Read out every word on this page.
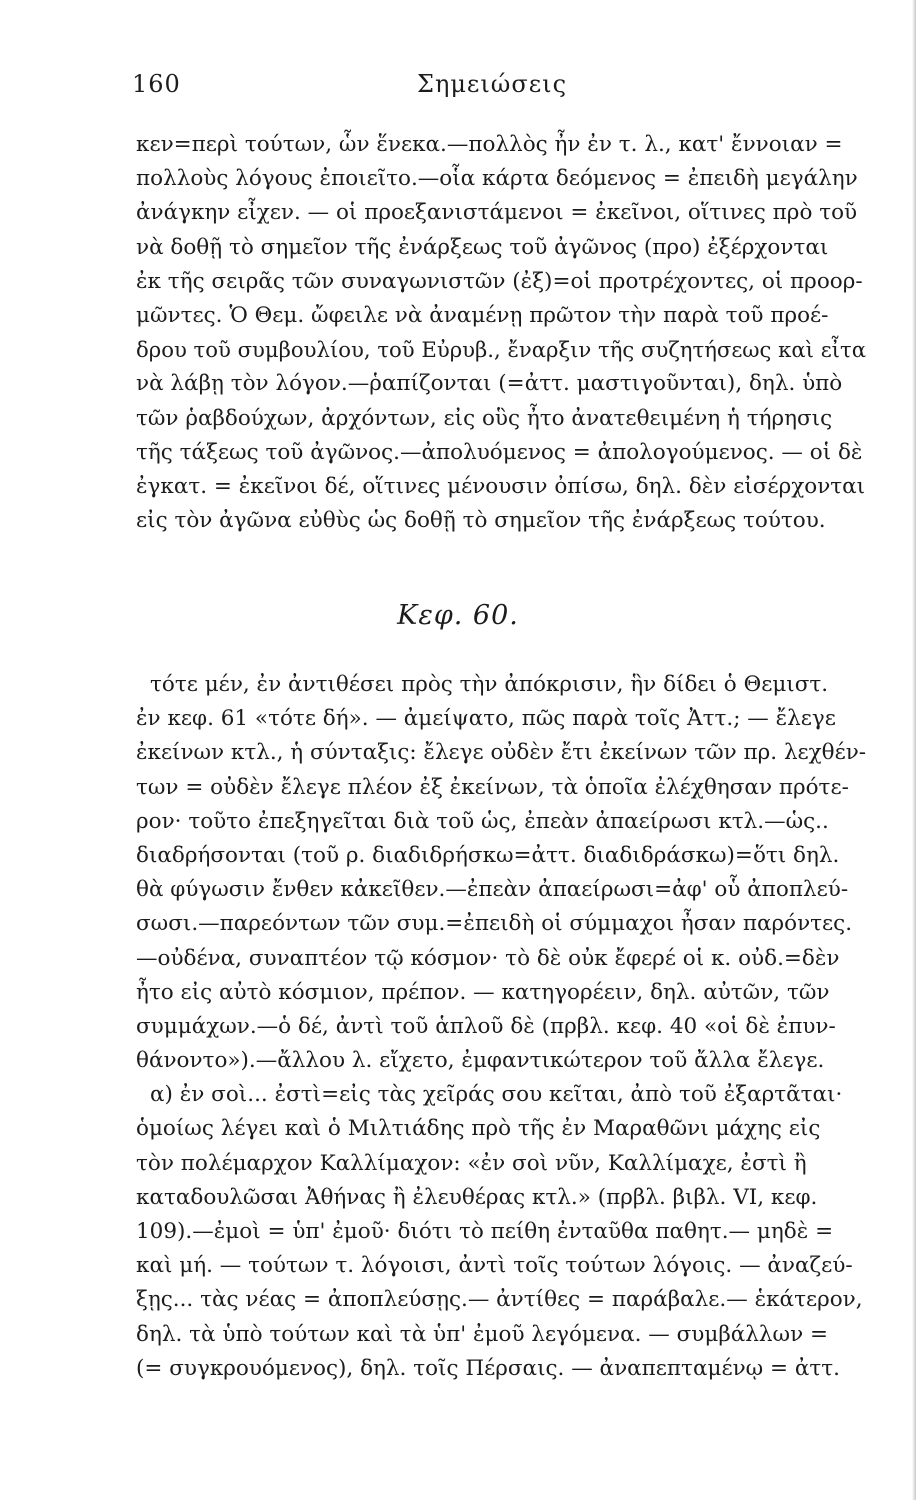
160	Σημειώσεις
κεν=περὶ τούτων, ὧν ἕνεκα.—πολλὸς ἦν ἐν τ. λ., κατ' ἔννοιαν =
πολλοὺς λόγους ἐποιεῖτο.—οἷα κάρτα δεόμενος = ἐπειδὴ μεγάλην
ἀνάγκην εἶχεν. — οἱ προεξανιστάμενοι = ἐκεῖνοι, οἵτινες πρὸ τοῦ
νὰ δοθῇ τὸ σημεῖον τῆς ἐνάρξεως τοῦ ἀγῶνος (προ) ἐξέρχονται
ἐκ τῆς σειρᾶς τῶν συναγωνιστῶν (ἐξ)=οἱ προτρέχοντες, οἱ προορ-
μῶντες. Ὁ Θεμ. ὤφειλε νὰ ἀναμένῃ πρῶτον τὴν παρὰ τοῦ προέ-
δρου τοῦ συμβουλίου, τοῦ Εὐρυβ., ἔναρξιν τῆς συζητήσεως καὶ εἶτα
νὰ λάβῃ τὸν λόγον.—ῥαπίζονται (=ἀττ. μαστιγοῦνται), δηλ. ὑπὸ
τῶν ῥαβδούχων, ἀρχόντων, εἰς οὓς ἦτο ἀνατεθειμένη ἡ τήρησις
τῆς τάξεως τοῦ ἀγῶνος.—ἀπολυόμενος = ἀπολογούμενος. — οἱ δὲ
ἐγκατ. = ἐκεῖνοι δέ, οἵτινες μένουσιν ὀπίσω, δηλ. δὲν εἰσέρχονται
εἰς τὸν ἀγῶνα εὐθὺς ὡς δοθῇ τὸ σημεῖον τῆς ἐνάρξεως τούτου.
Κεφ. 60.
τότε μέν, ἐν ἀντιθέσει πρὸς τὴν ἀπόκρισιν, ἣν δίδει ὁ Θεμιστ.
ἐν κεφ. 61 «τότε δή». — ἀμείψατο, πῶς παρὰ τοῖς Ἀττ.; — ἔλεγε
ἐκείνων κτλ., ἡ σύνταξις: ἔλεγε οὐδὲν ἔτι ἐκείνων τῶν πρ. λεχθέν-
των = οὐδὲν ἔλεγε πλέον ἐξ ἐκείνων, τὰ ὁποῖα ἐλέχθησαν πρότε-
ρον· τοῦτο ἐπεξηγεῖται διὰ τοῦ ὡς, ἐπεὰν ἀπαείρωσι κτλ.—ὡς..
διαδρήσονται (τοῦ ρ. διαδιδρήσκω=ἀττ. διαδιδράσκω)=ὅτι δηλ.
θὰ φύγωσιν ἔνθεν κἀκεῖθεν.—ἐπεὰν ἀπαείρωσι=ἀφ' οὗ ἀποπλεύ-
σωσι.—παρεόντων τῶν συμ.=ἐπειδὴ οἱ σύμμαχοι ἦσαν παρόντες.
—οὐδένα, συναπτέον τῷ κόσμον· τὸ δὲ οὐκ ἔφερέ οἱ κ. οὐδ.=δὲν
ἦτο εἰς αὐτὸ κόσμιον, πρέπον. — κατηγορέειν, δηλ. αὐτῶν, τῶν
συμμάχων.—ὁ δέ, ἀντὶ τοῦ ἁπλοῦ δὲ (πρβλ. κεφ. 40 «οἱ δὲ ἐπυν-
θάνοντο»).—ἄλλου λ. εἴχετο, ἐμφαντικώτερον τοῦ ἄλλα ἔλεγε.
α) ἐν σοὶ... ἐστὶ=εἰς τὰς χεῖράς σου κεῖται, ἀπὸ τοῦ ἐξαρτᾶται·
ὁμοίως λέγει καὶ ὁ Μιλτιάδης πρὸ τῆς ἐν Μαραθῶνι μάχης εἰς
τὸν πολέμαρχον Καλλίμαχον: «ἐν σοὶ νῦν, Καλλίμαχε, ἐστὶ ἢ
καταδουλῶσαι Ἀθήνας ἢ ἐλευθέρας κτλ.» (πρβλ. βιβλ. VI, κεφ.
109).—ἐμοὶ = ὑπ' ἐμοῦ· διότι τὸ πείθη ἐνταῦθα παθητ.— μηδὲ =
καὶ μή. — τούτων τ. λόγοισι, ἀντὶ τοῖς τούτων λόγοις. — ἀναζεύ-
ξῃς... τὰς νέας = ἀποπλεύσῃς.— ἀντίθες = παράβαλε.— ἑκάτερον,
δηλ. τὰ ὑπὸ τούτων καὶ τὰ ὑπ' ἐμοῦ λεγόμενα. — συμβάλλων =
(= συγκρουόμενος), δηλ. τοῖς Πέρσαις. — ἀναπεπταμένῳ = ἀττ.
